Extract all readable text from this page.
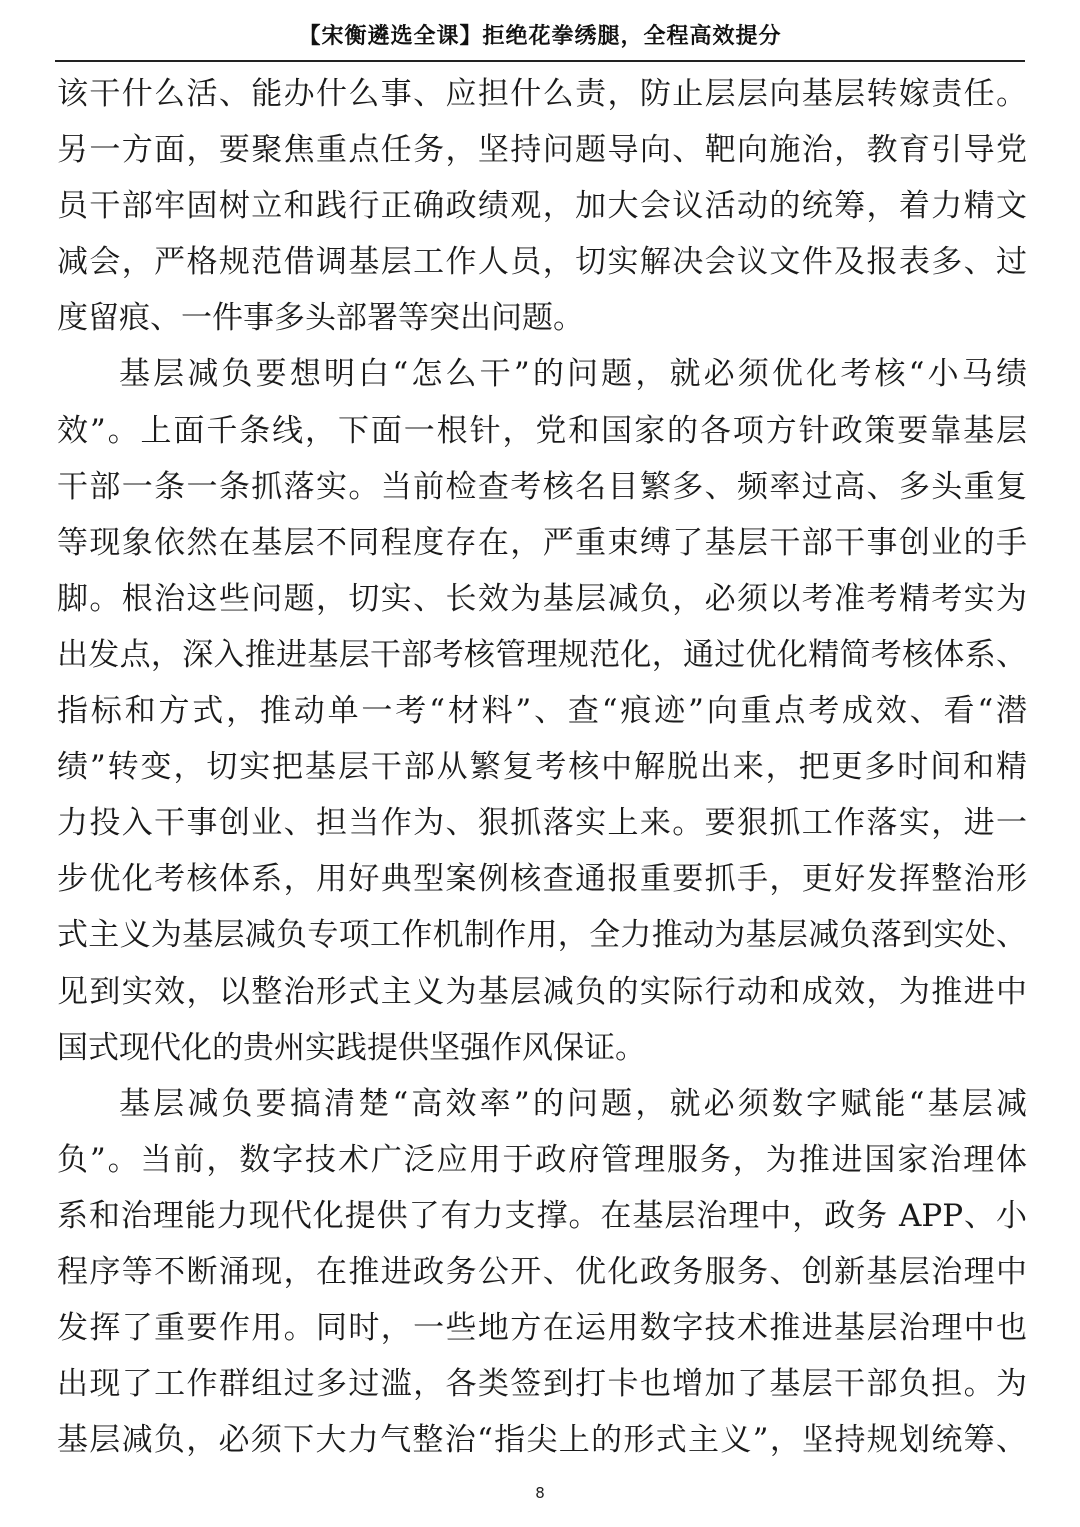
【宋衡遴选全课】拒绝花拳绣腿，全程高效提分
该干什么活、能办什么事、应担什么责，防止层层向基层转嫁责任。
另一方面，要聚焦重点任务，坚持问题导向、靶向施治，教育引导党
员干部牢固树立和践行正确政绩观，加大会议活动的统筹，着力精文
减会，严格规范借调基层工作人员，切实解决会议文件及报表多、过
度留痕、一件事多头部署等突出问题。
基层减负要想明白“怎么干”的问题，就必须优化考核“小马绩
效”。上面千条线，下面一根针，党和国家的各项方针政策要靠基层
干部一条一条抓落实。当前检查考核名目繁多、频率过高、多头重复
等现象依然在基层不同程度存在，严重束缚了基层干部干事创业的手
脚。根治这些问题，切实、长效为基层减负，必须以考准考精考实为
出发点，深入推进基层干部考核管理规范化，通过优化精简考核体系、
指标和方式，推动单一考“材料”、查“痕迹”向重点考成效、看“潜
绩”转变，切实把基层干部从繁复考核中解脱出来，把更多时间和精
力投入干事创业、担当作为、狠抓落实上来。要狠抓工作落实，进一
步优化考核体系，用好典型案例核查通报重要抓手，更好发挥整治形
式主义为基层减负专项工作机制作用，全力推动为基层减负落到实处、
见到实效，以整治形式主义为基层减负的实际行动和成效，为推进中
国式现代化的贵州实践提供坚强作风保证。
基层减负要搞清楚“高效率”的问题，就必须数字赋能“基层减
负”。当前，数字技术广泛应用于政府管理服务，为推进国家治理体
系和治理能力现代化提供了有力支撑。在基层治理中，政务 APP、小
程序等不断涌现，在推进政务公开、优化政务服务、创新基层治理中
发挥了重要作用。同时，一些地方在运用数字技术推进基层治理中也
出现了工作群组过多过滥，各类签到打卡也增加了基层干部负担。为
基层减负，必须下大力气整治“指尖上的形式主义”，坚持规划统筹、
8
